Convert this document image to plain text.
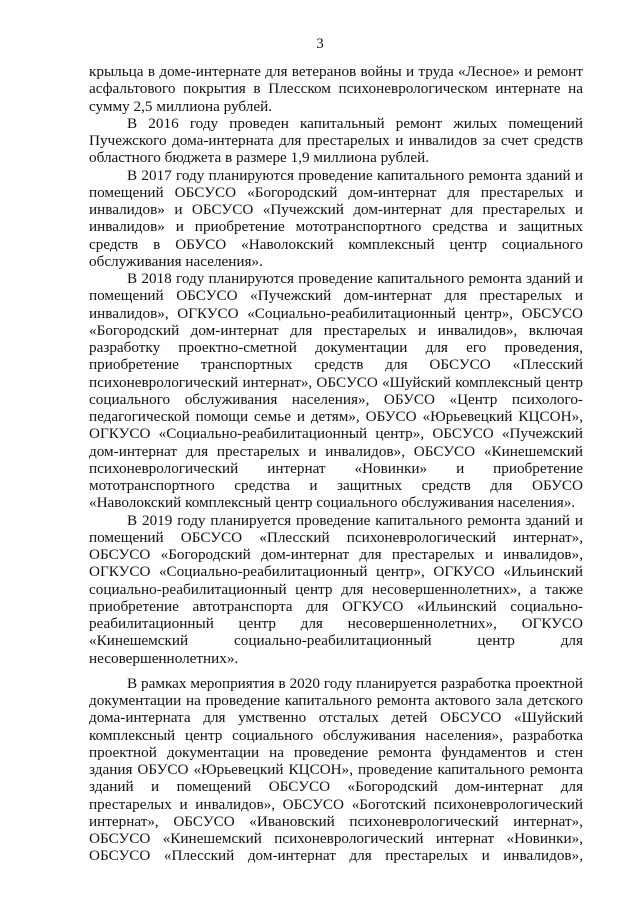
3
крыльца в доме-интернате для ветеранов войны и труда «Лесное» и ремонт
асфальтового покрытия в Плесском психоневрологическом интернате на
сумму 2,5 миллиона рублей.
В 2016 году проведен капитальный ремонт жилых помещений
Пучежского дома-интерната для престарелых и инвалидов за счет средств
областного бюджета в размере 1,9 миллиона рублей.
В 2017 году планируются проведение капитального ремонта зданий и
помещений ОБСУСО «Богородский дом-интернат для престарелых и
инвалидов» и ОБСУСО «Пучежский дом-интернат для престарелых и
инвалидов» и приобретение мототранспортного средства и защитных
средств в ОБУСО «Наволокский комплексный центр социального
обслуживания населения».
В 2018 году планируются проведение капитального ремонта зданий и
помещений ОБСУСО «Пучежский дом-интернат для престарелых и
инвалидов», ОГКУСО «Социально-реабилитационный центр», ОБСУСО
«Богородский дом-интернат для престарелых и инвалидов», включая
разработку проектно-сметной документации для его проведения,
приобретение транспортных средств для ОБСУСО «Плесский
психоневрологический интернат», ОБСУСО «Шуйский комплексный центр
социального обслуживания населения», ОБУСО «Центр психолого-
педагогической помощи семье и детям», ОБУСО «Юрьевецкий КЦСОН»,
ОГКУСО «Социально-реабилитационный центр», ОБСУСО «Пучежский
дом-интернат для престарелых и инвалидов», ОБСУСО «Кинешемский
психоневрологический интернат «Новинки» и приобретение
мототранспортного средства и защитных средств для ОБУСО
«Наволокский комплексный центр социального обслуживания населения».
В 2019 году планируется проведение капитального ремонта зданий и
помещений ОБСУСО «Плесский психоневрологический интернат»,
ОБСУСО «Богородский дом-интернат для престарелых и инвалидов»,
ОГКУСО «Социально-реабилитационный центр», ОГКУСО «Ильинский
социально-реабилитационный центр для несовершеннолетних», а также
приобретение автотранспорта для ОГКУСО «Ильинский социально-
реабилитационный центр для несовершеннолетних», ОГКУСО
«Кинешемский социально-реабилитационный центр для
несовершеннолетних».
В рамках мероприятия в 2020 году планируется разработка проектной
документации на проведение капитального ремонта актового зала детского
дома-интерната для умственно отсталых детей ОБСУСО «Шуйский
комплексный центр социального обслуживания населения», разработка
проектной документации на проведение ремонта фундаментов и стен
здания ОБУСО «Юрьевецкий КЦСОН», проведение капитального ремонта
зданий и помещений ОБСУСО «Богородский дом-интернат для
престарелых и инвалидов», ОБСУСО «Боготский психоневрологический
интернат», ОБСУСО «Ивановский психоневрологический интернат»,
ОБСУСО «Кинешемский психоневрологический интернат «Новинки»,
ОБСУСО «Плесский дом-интернат для престарелых и инвалидов»,
